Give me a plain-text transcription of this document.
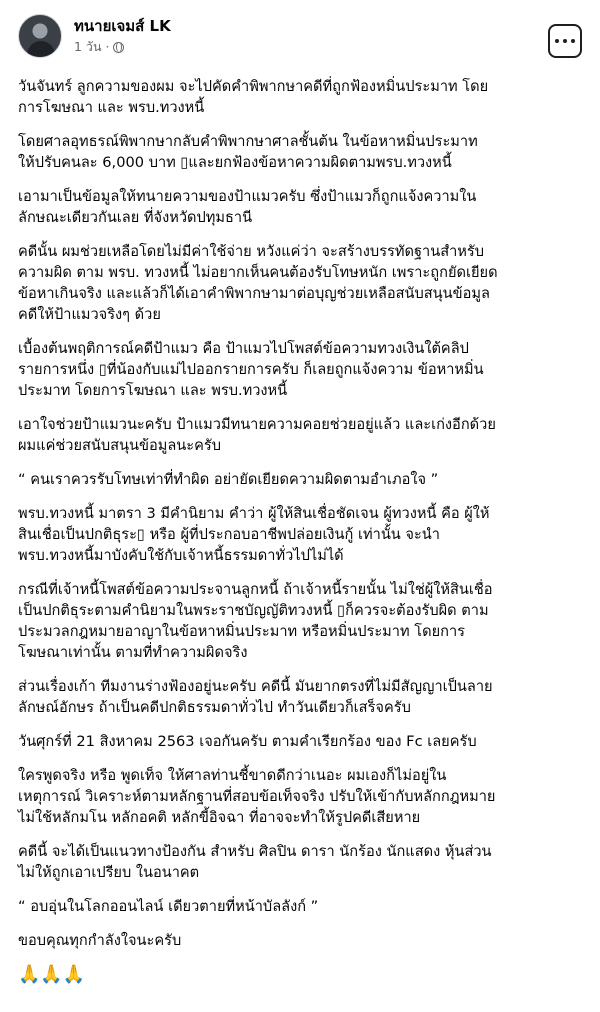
ทนายเจมส์ LK
1 วัน ·

วันจันทร์ ลูกความของผม จะไปคัดคำพิพากษาคดีที่ถูกฟ้องหมิ่นประมาท โดย
การโฆษณา และ พรบ.ทวงหนี้

โดยศาลอุทธรณ์พิพากษากลับคำพิพากษาศาลชั้นต้น ในข้อหาหมิ่นประมาท
ให้ปรับคนละ 6,000 บาท ▯และยกฟ้องข้อหาความผิดตามพรบ.ทวงหนี้

เอามาเป็นข้อมูลให้ทนายความของป้าแมวครับ ซึ่งป้าแมวก็ถูกแจ้งความใน
ลักษณะเดียวกันเลย ที่จังหวัดปทุมธานี

คดีนั้น ผมช่วยเหลือโดยไม่มีค่าใช้จ่าย หวังแค่ว่า จะสร้างบรรทัดฐานสำหรับ
ความผิด ตาม พรบ. ทวงหนี้ ไม่อยากเห็นคนต้องรับโทษหนัก เพราะถูกยัดเยียด
ข้อหาเกินจริง และแล้วก็ได้เอาคำพิพากษามาต่อบุญช่วยเหลือสนับสนุนข้อมูล
คดีให้ป้าแมวจริงๆ ด้วย

เบื้องต้นพฤติการณ์คดีป้าแมว คือ ป้าแมวไปโพสต์ข้อความทวงเงินใต้คลิป
รายการหนึ่ง ▯ที่น้องกับแม่ไปออกรายการครับ ก็เลยถูกแจ้งความ ข้อหาหมิ่น
ประมาท โดยการโฆษณา และ พรบ.ทวงหนี้

เอาใจช่วยป้าแมวนะครับ ป้าแมวมีทนายความคอยช่วยอยู่แล้ว และเก่งอีกด้วย
ผมแค่ช่วยสนับสนุนข้อมูลนะครับ

“ คนเราควรรับโทษเท่าที่ทำผิด อย่ายัดเยียดความผิดตามอำเภอใจ ”

พรบ.ทวงหนี้ มาตรา 3 มีคำนิยาม คำว่า ผู้ให้สินเชื่อชัดเจน ผู้ทวงหนี้ คือ ผู้ให้
สินเชื่อเป็นปกติธุระ▯ หรือ ผู้ที่ประกอบอาชีพปล่อยเงินกู้ เท่านั้น จะนำ
พรบ.ทวงหนี้มาบังคับใช้กับเจ้าหนี้ธรรมดาทั่วไปไม่ได้

กรณีที่เจ้าหนี้โพสต์ข้อความประจานลูกหนี้ ถ้าเจ้าหนี้รายนั้น ไม่ใช่ผู้ให้สินเชื่อ
เป็นปกติธุระตามคำนิยามในพระราชบัญญัติทวงหนี้ ▯ก็ควรจะต้องรับผิด ตาม
ประมวลกฎหมายอาญาในข้อหาหมิ่นประมาท หรือหมิ่นประมาท โดยการ
โฆษณาเท่านั้น ตามที่ทำความผิดจริง

ส่วนเรื่องเก้า ทีมงานร่างฟ้องอยู่นะครับ คดีนี้ มันยากตรงที่ไม่มีสัญญาเป็นลาย
ลักษณ์อักษร ถ้าเป็นคดีปกติธรรมดาทั่วไป ทำวันเดียวก็เสร็จครับ

วันศุกร์ที่ 21 สิงหาคม 2563 เจอกันครับ ตามคำเรียกร้อง ของ Fc เลยครับ

ใครพูดจริง หรือ พูดเท็จ ให้ศาลท่านชี้ขาดดีกว่าเนอะ ผมเองก็ไม่อยู่ใน
เหตุการณ์ วิเคราะห์ตามหลักฐานที่สอบข้อเท็จจริง ปรับให้เข้ากับหลักกฎหมาย
ไม่ใช้หลักมโน หลักอคติ หลักขี้อิจฉา ที่อาจจะทำให้รูปคดีเสียหาย

คดีนี้ จะได้เป็นแนวทางป้องกัน สำหรับ ศิลปิน ดารา นักร้อง นักแสดง หุ้นส่วน
ไม่ให้ถูกเอาเปรียบ ในอนาคต

“ อบอุ่นในโลกออนไลน์ เดียวตายที่หน้าบัลลังก์ ”

ขอบคุณทุกกำลังใจนะครับ

🙏🙏🙏
